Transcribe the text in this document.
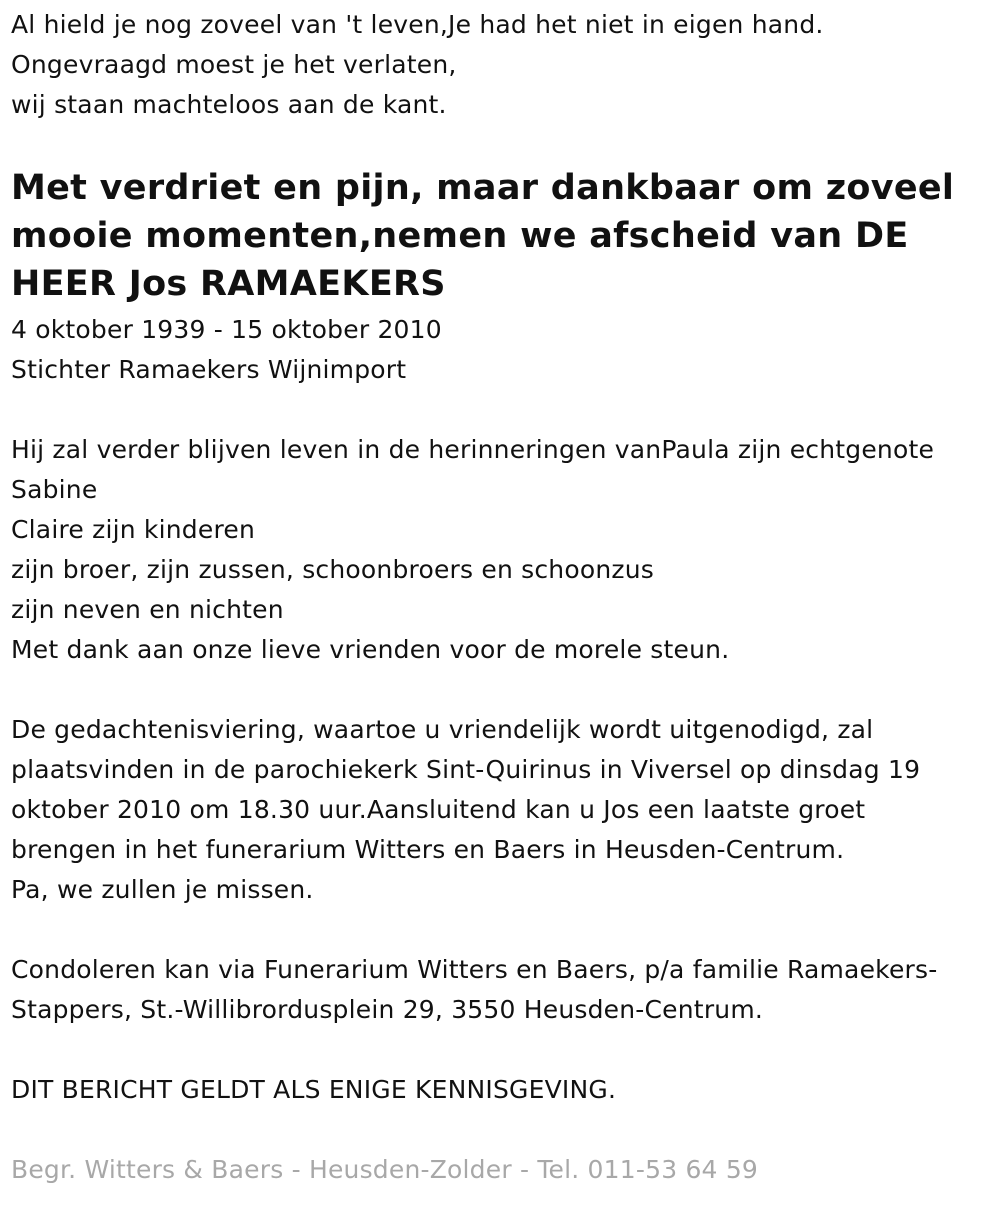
Al hield je nog zoveel van 't leven,Je had het niet in eigen hand.
Ongevraagd moest je het verlaten,
wij staan machteloos aan de kant.
Met verdriet en pijn, maar dankbaar om zoveel
mooie momenten,nemen we afscheid van DE
HEER Jos RAMAEKERS
4 oktober 1939 - 15 oktober 2010
Stichter Ramaekers Wijnimport
Hij zal verder blijven leven in de herinneringen vanPaula zijn echtgenote
Sabine
Claire zijn kinderen
zijn broer, zijn zussen, schoonbroers en schoonzus
zijn neven en nichten
Met dank aan onze lieve vrienden voor de morele steun.
De gedachtenisviering, waartoe u vriendelijk wordt uitgenodigd, zal
plaatsvinden in de parochiekerk Sint-Quirinus in Viversel op dinsdag 19
oktober 2010 om 18.30 uur.Aansluitend kan u Jos een laatste groet
brengen in het funerarium Witters en Baers in Heusden-Centrum.
Pa, we zullen je missen.
Condoleren kan via Funerarium Witters en Baers, p/a familie Ramaekers-
Stappers, St.-Willibrordusplein 29, 3550 Heusden-Centrum.
DIT BERICHT GELDT ALS ENIGE KENNISGEVING.
Begr. Witters & Baers - Heusden-Zolder - Tel. 011-53 64 59
